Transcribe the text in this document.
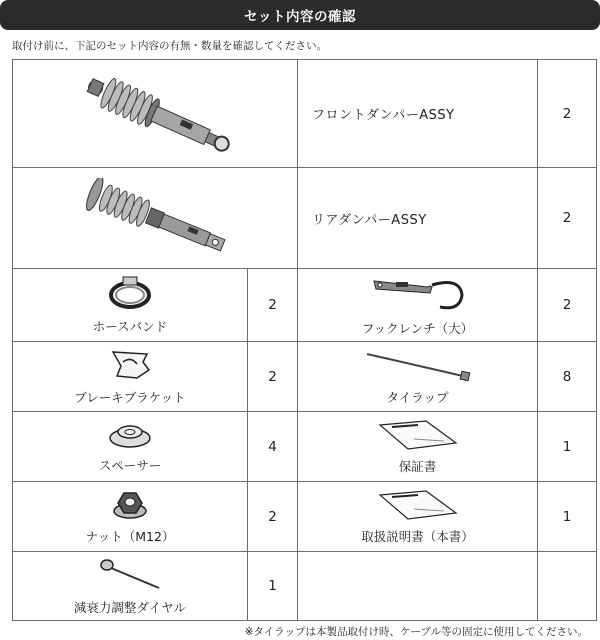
セット内容の確認
取付け前に、下記のセット内容の有無・数量を確認してください。
フロントダンパーASSY	2
リアダンパーASSY	2
ホースバンド
2
フックレンチ（大）
2
ブレーキブラケット
2
タイラップ
8
スペーサー
4
保証書
1
ナット（M12）
2
取扱説明書（本書）
1
減衰力調整ダイヤル
1
※タイラップは本製品取付け時、ケーブル等の固定に使用してください。
